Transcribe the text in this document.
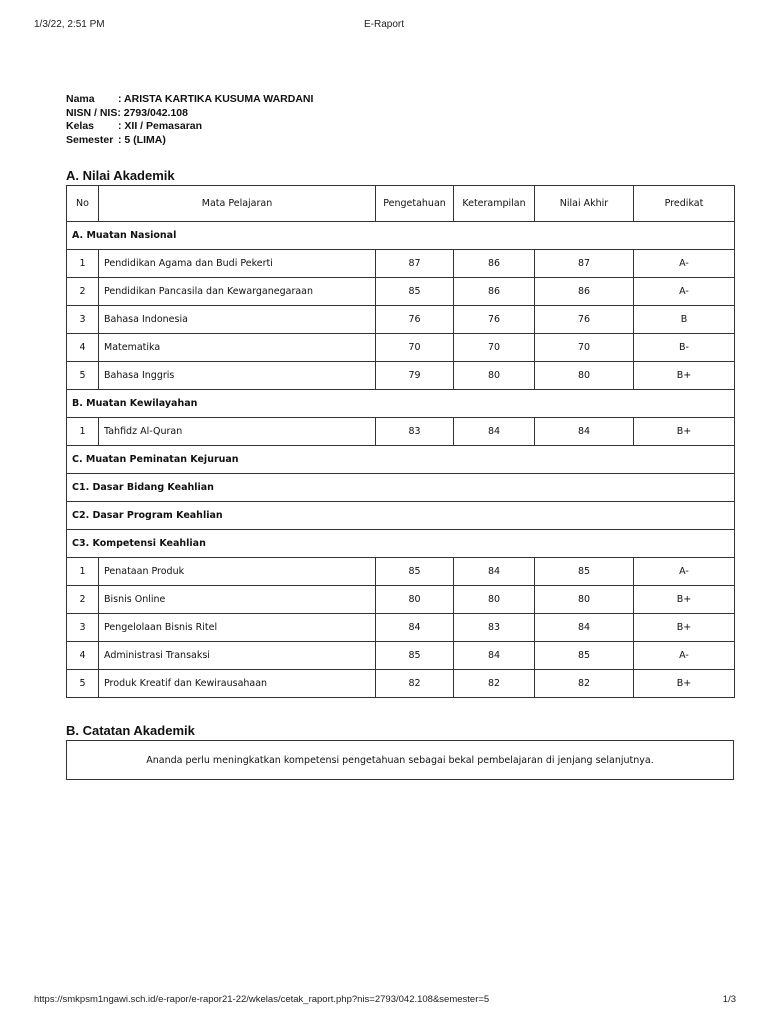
1/3/22, 2:51 PM	E-Raport
Nama	: ARISTA KARTIKA KUSUMA WARDANI
NISN / NIS : 2793/042.108
Kelas	: XII / Pemasaran
Semester : 5 (LIMA)
A. Nilai Akademik
No	Mata Pelajaran	Pengetahuan	Keterampilan	Nilai Akhir	Predikat
A. Muatan Nasional					
1	Pendidikan Agama dan Budi Pekerti	87	86	87	A-
2	Pendidikan Pancasila dan Kewarganegaraan	85	86	86	A-
3	Bahasa Indonesia	76	76	76	B
4	Matematika	70	70	70	B-
5	Bahasa Inggris	79	80	80	B+
B. Muatan Kewilayahan					
1	Tahfidz Al-Quran	83	84	84	B+
C. Muatan Peminatan Kejuruan					
C1. Dasar Bidang Keahlian					
C2. Dasar Program Keahlian					
C3. Kompetensi Keahlian					
1	Penataan Produk	85	84	85	A-
2	Bisnis Online	80	80	80	B+
3	Pengelolaan Bisnis Ritel	84	83	84	B+
4	Administrasi Transaksi	85	84	85	A-
5	Produk Kreatif dan Kewirausahaan	82	82	82	B+
B. Catatan Akademik
Ananda perlu meningkatkan kompetensi pengetahuan sebagai bekal pembelajaran di jenjang selanjutnya.
https://smkpsm1ngawi.sch.id/e-rapor/e-rapor21-22/wkelas/cetak_raport.php?nis=2793/042.108&semester=5	1/3
